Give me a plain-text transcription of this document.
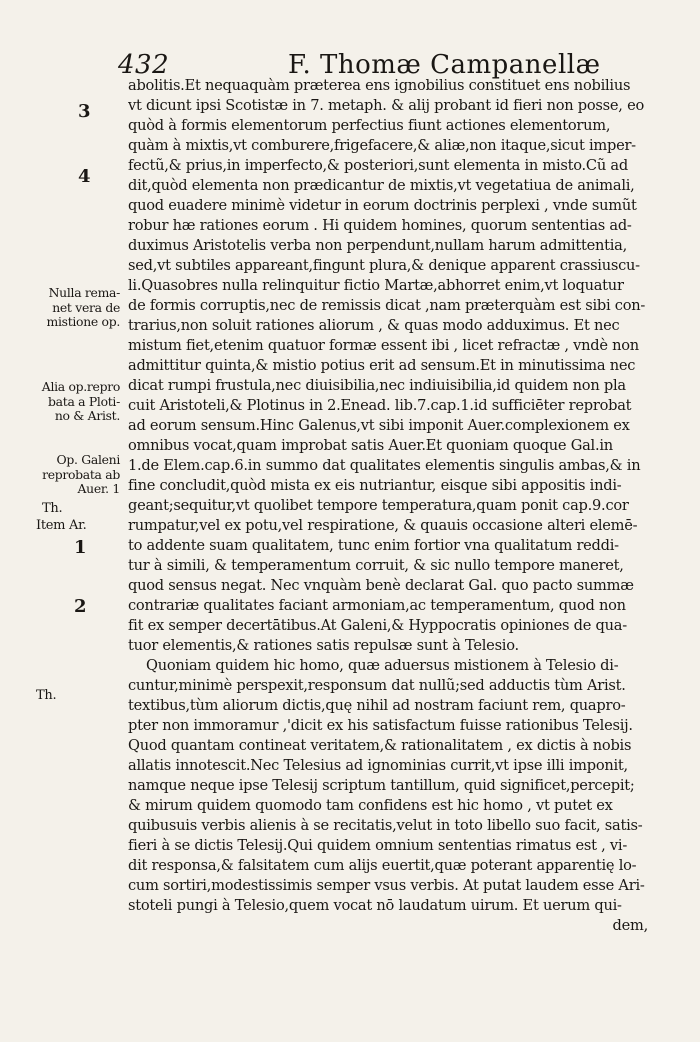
432	F. Thomæ Campanellæ
abolitis.Et nequaquàm præterea ens ignobilius constituet ens nobilius
vt dicunt ipsi Scotistæ in 7. metaph. & alij probant id fieri non posse, eo
quòd à formis elementorum perfectius fiunt actiones elementorum,
quàm à mixtis,vt comburere,frigefacere,& aliæ,non itaque,sicut imper-
fectũ,& prius,in imperfecto,& posteriori,sunt elementa in misto.Cũ ad
dit,quòd elementa non prædicantur de mixtis,vt vegetatiua de animali,
quod euadere minimè videtur in eorum doctrinis perplexi , vnde sumũt
robur hæ rationes eorum . Hi quidem homines, quorum sententias ad-
duximus Aristotelis verba non perpendunt,nullam harum admittentia,
sed,vt subtiles appareant,fingunt plura,& denique apparent crassiuscu-
li.Quasobres nulla relinquitur fictio Martæ,abhorret enim,vt loquatur
de formis corruptis,nec de remissis dicat ,nam præterquàm est sibi con-
trarius,non soluit rationes aliorum , & quas modo adduximus. Et nec
mistum fiet,etenim quatuor formæ essent ibi , licet refractæ , vndè non
admittitur quinta,& mistio potius erit ad sensum.Et in minutissima nec
dicat rumpi frustula,nec diuisibilia,nec indiuisibilia,id quidem non pla
cuit Aristoteli,& Plotinus in 2.Enead. lib.7.cap.1.id sufficiēter reprobat
ad eorum sensum.Hinc Galenus,vt sibi imponit Auer.complexionem ex
omnibus vocat,quam improbat satis Auer.Et quoniam quoque Gal.in
1.de Elem.cap.6.in summo dat qualitates elementis singulis ambas,& in
fine concludit,quòd mista ex eis nutriantur, eisque sibi appositis indi-
geant;sequitur,vt quolibet tempore temperatura,quam ponit cap.9.cor
rumpatur,vel ex potu,vel respiratione, & quauis occasione alteri elemē-
to addente suam qualitatem, tunc enim fortior vna qualitatum reddi-
tur à simili, & temperamentum corruit, & sic nullo tempore maneret,
quod sensus negat. Nec vnquàm benè declarat Gal. quo pacto summæ
contrariæ qualitates faciant armoniam,ac temperamentum, quod non
fit ex semper decertātibus.At Galeni,& Hyppocratis opiniones de qua-
tuor elementis,& rationes satis repulsæ sunt à Telesio.
Quoniam quidem hic homo, quæ aduersus mistionem à Telesio di-
cuntur,minimè perspexit,responsum dat nullũ;sed adductis tùm Arist.
textibus,tùm aliorum dictis,quę nihil ad nostram faciunt rem, quapro-
pter non immoramur ,'dicit ex his satisfactum fuisse rationibus Telesij.
Quod quantam contineat veritatem,& rationalitatem , ex dictis à nobis
allatis innotescit.Nec Telesius ad ignominias currit,vt ipse illi imponit,
namque neque ipse Telesij scriptum tantillum, quid significet,percepit;
& mirum quidem quomodo tam confidens est hic homo , vt putet ex
quibusuis verbis alienis à se recitatis,velut in toto libello suo facit, satis-
fieri à se dictis Telesij.Qui quidem omnium sententias rimatus est , vi-
dit responsa,& falsitatem cum alijs euertit,quæ poterant apparentię lo-
cum sortiri,modestissimis semper vsus verbis. At putat laudem esse Ari-
stoteli pungi à Telesio,quem vocat nō laudatum uirum. Et uerum qui-
dem,
3
4
Nulla rema-
net vera de
mistione op.
Alia op.repro
bata a Ploti-
no & Arist.
Op. Galeni
reprobata ab
Auer. 1
Th.
Item Ar.
1
2
Th.
